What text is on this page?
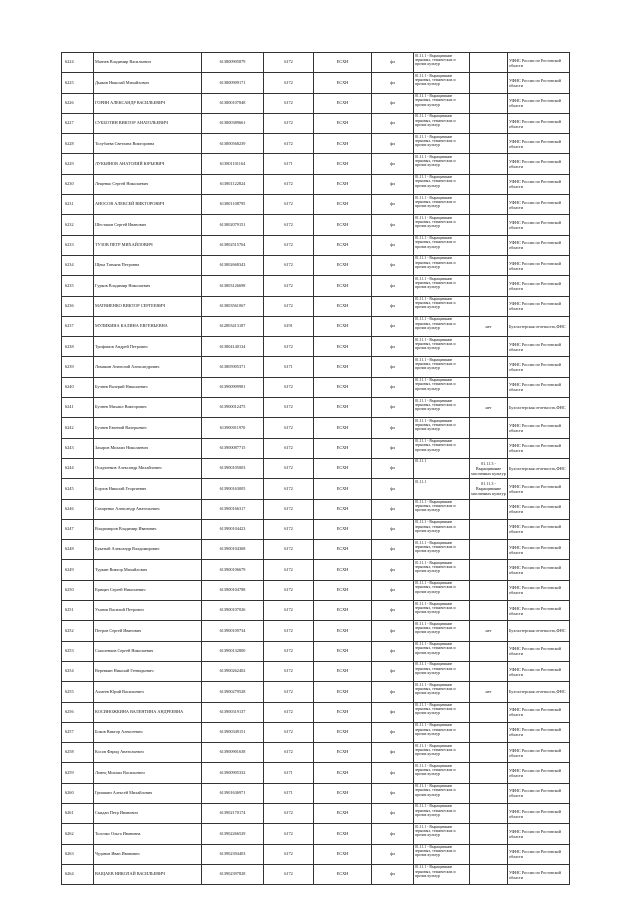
6224	Мазнев Владимир Васильевич	613800905879	6172	ЕСХН	фл	01.11.1 - Выращивание зерновых, технических и прочих культур		УФНС России по Ростовской области
6225	Дьяков Николай Михайлович	613800909171	6172	ЕСХН	фл	01.11.1 - Выращивание зерновых, технических и прочих культур		УФНС России по Ростовской области
6226	ГОРИН АЛЕКСАНДР ВАСИЛЬЕВИЧ	613800107848	6172	ЕСХН	фл	01.11.1 - Выращивание зерновых, технических и прочих культур		УФНС России по Ростовской области
6227	СУББОТИН ВИКТОР АНАТОЛЬЕВИЧ	613800389661	6172	ЕСХН	фл	01.11.1 - Выращивание зерновых, технических и прочих культур		УФНС России по Ростовской области
6228	Толубаева Светлана Викторовна	613800568239	6172	ЕСХН	фл	01.11.1 - Выращивание зерновых, технических и прочих культур		УФНС России по Ростовской области
6229	ЛУКЬЯНОВ АНАТОЛИЙ ЮРЬЕВИЧ	613801101164	6171	ЕСХН	фл	01.11.1 - Выращивание зерновых, технических и прочих культур		УФНС России по Ростовской области
6230	Лещенко Сергей Николаевич	613801122824	6172	ЕСХН	фл	01.11.1 - Выращивание зерновых, технических и прочих культур		УФНС России по Ростовской области
6231	АНОСОВ АЛЕКСЕЙ ВИКТОРОВИЧ	613801108795	6172	ЕСХН	фл	01.11.1 - Выращивание зерновых, технических и прочих культур		УФНС России по Ростовской области
6232	Шестаков Сергей Иванович	613802079151	6172	ЕСХН	фл	01.11.1 - Выращивание зерновых, технических и прочих культур		УФНС России по Ростовской области
6233	ТУЗОВ ПЕТР МИХАЙЛОВИЧ	613802515764	6172	ЕСХН	фл	01.11.1 - Выращивание зерновых, технических и прочих культур		УФНС России по Ростовской области
6234	Щека Татьяна Петровна	613802668343	6172	ЕСХН	фл	01.11.1 - Выращивание зерновых, технических и прочих культур		УФНС России по Ростовской области
6235	Гурков Владимир Николаевич	613803126698	6172	ЕСХН	фл	01.11.1 - Выращивание зерновых, технических и прочих культур		УФНС России по Ростовской области
6236	МАТВИЕНКО ВИКТОР СЕРГЕЕВИЧ	613803561067	6172	ЕСХН	фл	01.11.1 - Выращивание зерновых, технических и прочих культур		УФНС России по Ростовской области
6237	МУЛИКИНА КАЛИНА ЕВГЕНЬЕВНА	612803413187	6191	ЕСХН	фл	01.11.1 - Выращивание зерновых, технических и прочих культур	нет	Бухгалтерская отчетность,ФНС
6238	Трофимов Андрей Петрович	613804140134	6172	ЕСХН	фл	01.11.1 - Выращивание зерновых, технических и прочих культур		УФНС России по Ростовской области
6239	Ломакин Анатолий Александрович	613805905371	6171	ЕСХН	фл	01.11.1 - Выращивание зерновых, технических и прочих культур		УФНС России по Ростовской области
6240	Бучнев Валерий Николаевич	613900909981	6172	ЕСХН	фл	01.11.1 - Выращивание зерновых, технических и прочих культур		УФНС России по Ростовской области
6241	Бучнев Михаил Викторович	613900012475	6172	ЕСХН	фл	01.11.1 - Выращивание зерновых, технических и прочих культур	нет	Бухгалтерская отчетность,ФНС
6242	Бучнев Евгений Валерьевич	613900011970	6172	ЕСХН	фл	01.11.1 - Выращивание зерновых, технических и прочих культур		УФНС России по Ростовской области
6243	Захаров Михаил Николаевич	613900087715	6172	ЕСХН	фл	01.11.1 - Выращивание зерновых, технических и прочих культур		УФНС России по Ростовской области
6244	Осадченков Александр Михайлович	613900105003	6172	ЕСХН	фл	01.11.1	01.11.3 - Выращивание масличных культур	Бухгалтерская отчетность,ФНС
6245	Борзов Николай Георгиевич	613900163005	6172	ЕСХН	фл	01.11.1	01.11.3 - Выращивание масличных культур	УФНС России по Ростовской области
6246	Сахаренко Александр Анатольевич	613900166317	6172	ЕСХН	фл	01.11.1 - Выращивание зерновых, технических и прочих культур		УФНС России по Ростовской области
6247	Владимиров Владимир Иванович	613900104423	6172	ЕСХН	фл	01.11.1 - Выращивание зерновых, технических и прочих культур		УФНС России по Ростовской области
6248	Букатый Александр Владимирович	613900104368	6172	ЕСХН	фл	01.11.1 - Выращивание зерновых, технических и прочих культур		УФНС России по Ростовской области
6249	Туркин Виктор Михайлович	613900106679	6172	ЕСХН	фл	01.11.1 - Выращивание зерновых, технических и прочих культур		УФНС России по Ростовской области
6250	Ерицян Сергей Николаевич	613900104788	6172	ЕСХН	фл	01.11.1 - Выращивание зерновых, технических и прочих культур		УФНС России по Ростовской области
6251	Уханов Василий Петрович	613900107026	6172	ЕСХН	фл	01.11.1 - Выращивание зерновых, технических и прочих культур		УФНС России по Ростовской области
6252	Петров Сергей Иванович	613900109734	6172	ЕСХН	фл	01.11.1 - Выращивание зерновых, технических и прочих культур	нет	Бухгалтерская отчетность,ФНС
6253	Соколенков Сергей Николаевич	613900132800	6172	ЕСХН	фл	01.11.1 - Выращивание зерновых, технических и прочих культур		УФНС России по Ростовской области
6254	Веревкин Николай Геннадьевич	613900262402	6172	ЕСХН	фл	01.11.1 - Выращивание зерновых, технических и прочих культур		УФНС России по Ростовской области
6255	Ахмеев Юрий Васильевич	613900279528	6172	ЕСХН	фл	01.11.1 - Выращивание зерновых, технических и прочих культур	нет	Бухгалтерская отчетность,ФНС
6256	КОСИНОЖКИНА ВАЛЕНТИНА АНДРЕЕВНА	613900319137	6172	ЕСХН	фл	01.11.1 - Выращивание зерновых, технических и прочих культур		УФНС России по Ростовской области
6257	Боков Виктор Алексеевич	613900349151	6172	ЕСХН	фл	01.11.1 - Выращивание зерновых, технических и прочих культур		УФНС России по Ростовской области
6258	Косов Фарид Анатольевич	613900901638	6172	ЕСХН	фл	01.11.1 - Выращивание зерновых, технических и прочих культур		УФНС России по Ростовской области
6259	Лонец Михаил Васильевич	613900905332	6171	ЕСХН	фл	01.11.1 - Выращивание зерновых, технических и прочих культур		УФНС России по Ростовской области
6260	Гришкин Алексей Михайлович	613901636971	6171	ЕСХН	фл	01.11.1 - Выращивание зерновых, технических и прочих культур		УФНС России по Ростовской области
6261	Скидан Петр Иванович	613902170174	6172	ЕСХН	фл	01.11.1 - Выращивание зерновых, технических и прочих культур		УФНС России по Ростовской области
6262	Толочко Ольга Ивановна	613902266529	6172	ЕСХН	фл	01.11.1 - Выращивание зерновых, технических и прочих культур		УФНС России по Ростовской области
6263	Чуданов Иван Иванович	613902394403	6172	ЕСХН	фл	01.11.1 - Выращивание зерновых, технических и прочих культур		УФНС России по Ростовской области
6264	ВАЩАЕВ НИКОЛАЙ ВАСИЛЬЕВИЧ	613902397828	6172	ЕСХН	фл	01.11.1 - Выращивание зерновых, технических и прочих культур		УФНС России по Ростовской области
